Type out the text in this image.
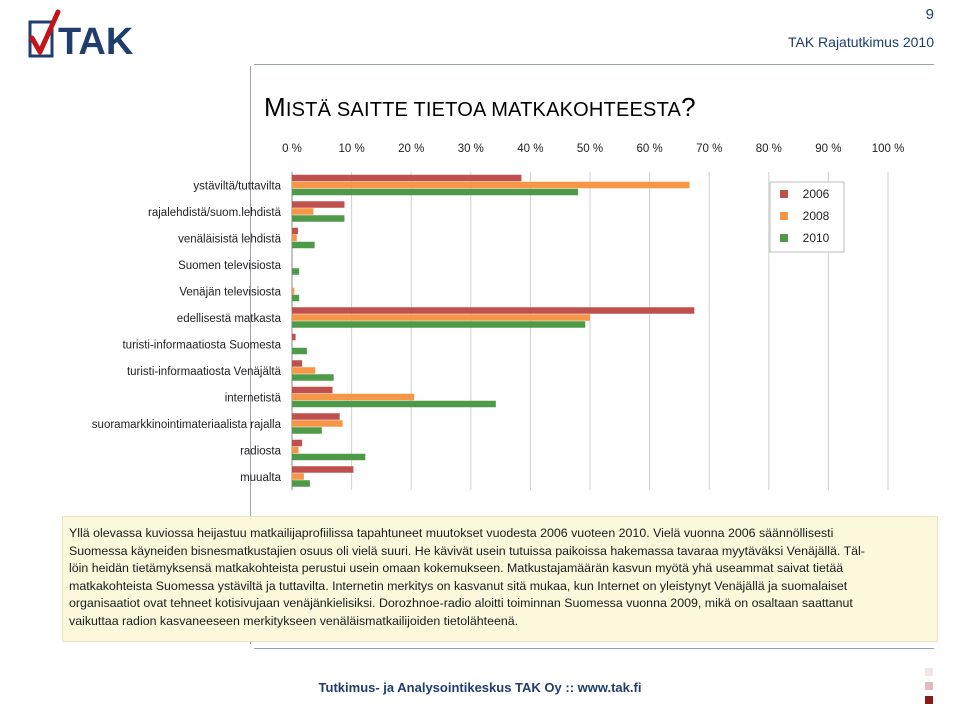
TAK
9
TAK Rajatutkimus 2010
MISTÄ SAITTE TIETOA MATKAKOHTEESTA?
0 %	10 %	20 %	30 %	40 %	50 %	60 %	70 %	80 %	90 %	100 %
ystäviltä/tuttavilta
rajalehdistä/suom.lehdistä
venäläisistä lehdistä
Suomen televisiosta
Venäjän televisiosta
edellisestä matkasta
turisti-informaatiosta Suomesta
turisti-informaatiosta Venäjältä
internetistä
suoramarkkinointimateriaalista rajalla
radiosta
muualta
2006
2008
2010
Yllä olevassa kuviossa heijastuu matkailijaprofiilissa tapahtuneet muutokset vuodesta 2006 vuoteen 2010. Vielä vuonna 2006 säännöllisesti
Suomessa käyneiden bisnesmatkustajien osuus oli vielä suuri. He kävivät usein tutuissa paikoissa hakemassa tavaraa myytäväksi Venäjällä. Täl-
löin heidän tietämyksensä matkakohteista perustui usein omaan kokemukseen. Matkustajamäärän kasvun myötä yhä useammat saivat tietää
matkakohteista Suomessa ystäviltä ja tuttavilta. Internetin merkitys on kasvanut sitä mukaa, kun Internet on yleistynyt Venäjällä ja suomalaiset
organisaatiot ovat tehneet kotisivujaan venäjänkielisiksi. Dorozhnoe-radio aloitti toiminnan Suomessa vuonna 2009, mikä on osaltaan saattanut
vaikuttaa radion kasvaneeseen merkitykseen venäläismatkailijoiden tietolähteenä.
Tutkimus- ja Analysointikeskus TAK Oy :: www.tak.fi
